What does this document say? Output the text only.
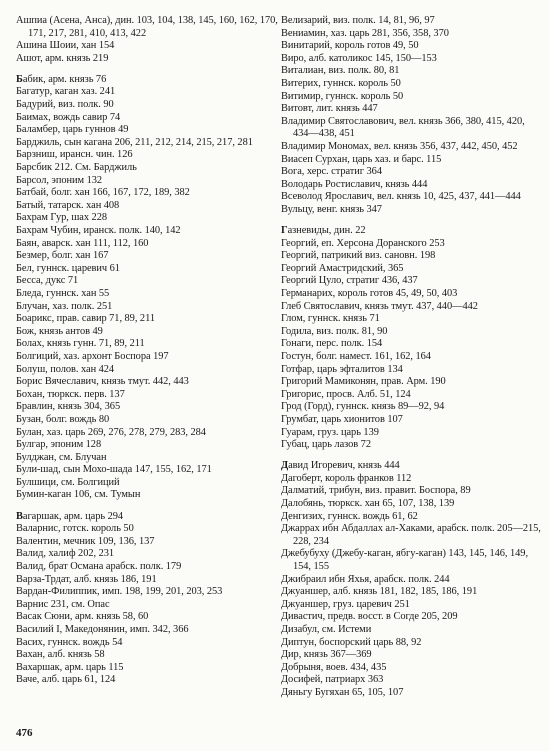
Ашпиа (Асена, Анса), дин. 103, 104, 138, 145, 160, 162, 170, 171, 217, 281, 410, 413, 422
Ашина Шоии, хан 154
Ашот, арм. князь 219
Бабик, арм. князь 76
Багатур, каган хаз. 241
Бадурий, виз. полк. 90
Баимах, вождь савир 74
Баламбер, царь гуннов 49
Барджиль, сын кагана 206, 211, 212, 214, 215, 217, 281
Барзниш, ирансн. чин. 126
Барсбик 212. См. Барджиль
Барсол, эпоним 132
Батбай, болг. хан 166, 167, 172, 189, 382
Батый, татарск. хан 408
Бахрам Гур, шах 228
Бахрам Чубин, иранск. полк. 140, 142
Баян, аварск. хан 111, 112, 160
Безмер, болг. хан 167
Бел, гуннск. царевич 61
Бесса, дукс 71
Бледа, гуннск. хан 55
Блучан, хаз. полк. 251
Боарикс, прав. савир 71, 89, 211
Бож, князь антов 49
Болах, князь гунн. 71, 89, 211
Болгиций, хаз. архонт Боспора 197
Болуш, полов. хан 424
Борис Вячеславич, князь тмут. 442, 443
Боxан, тюркск. перв. 137
Бравлин, князь 304, 365
Бузан, болг. вождь 80
Булан, хаз. царь 269, 276, 278, 279, 283, 284
Булгар, эпоним 128
Булджан, см. Блучан
Були-шад, сын Мохо-шада 147, 155, 162, 171
Булшици, см. Болгиций
Бумин-каган 106, см. Тумын
Вагаршак, арм. царь 294
Валарнис, готск. король 50
Валентин, мечник 109, 136, 137
Валид, халиф 202, 231
Валид, брат Османа арабск. полк. 179
Варза-Трдат, алб. князь 186, 191
Вардан-Филиппик, имп. 198, 199, 201, 203, 253
Варнис 231, см. Опас
Васак Сюни, арм. князь 58, 60
Василий I, Македонянин, имп. 342, 366
Васих, гуннск. вождь 54
Вахан, алб. князь 58
Вахаршак, арм. царь 115
Ваче, алб. царь 61, 124
Велизарий, виз. полк. 14, 81, 96, 97
Вениамин, хаз. царь 281, 356, 358, 370
Винитарий, король готов 49, 50
Виро, алб. католикос 145, 150—153
Виталиан, виз. полк. 80, 81
Витерих, гуннск. король 50
Витимир, гуннск. король 50
Витовт, лит. князь 447
Владимир Святославович, вел. князь 366, 380, 415, 420, 434—438, 451
Владимир Мономах, вел. князь 356, 437, 442, 450, 452
Виасеп Сурхан, царь хаз. и барс. 115
Вога, херс. стратиг 364
Володарь Ростиславич, князь 444
Всеволод Ярославич, вел. князь 10, 425, 437, 441—444
Вульцу, венг. князь 347
Газневиды, дин. 22
Георгий, еп. Херсона Доранского 253
Георгий, патрикий виз. сановн. 198
Георгий Амастридский, 365
Георгий Цуло, стратиг 436, 437
Германарих, король готов 45, 49, 50, 403
Глеб Святославич, князь тмут. 437, 440—442
Глом, гуннск. князь 71
Годила, виз. полк. 81, 90
Гонаги, перс. полк. 154
Гостун, болг. намест. 161, 162, 164
Готфар, царь эфталитов 134
Григорий Мамиконян, прав. Арм. 190
Григорис, просв. Алб. 51, 124
Грод (Горд), гуннск. князь 89—92, 94
Грумбат, царь хионитов 107
Гуарам, груз. царь 139
Губац, царь лазов 72
Давид Игоревич, князь 444
Дагоберт, король франков 112
Далматий, трибун, виз. правит. Боспора, 89
Далобянь, тюркск. хан 65, 107, 138, 139
Денгизих, гуннск. вождь 61, 62
Джаррах ибн Абдаллах ал-Хаками, арабск. полк. 205—215, 228, 234
Джебубуху (Джебу-каган, ябгу-каган) 143, 145, 146, 149, 154, 155
Джибраил ибн Яхья, арабск. полк. 244
Джуаншер, алб. князь 181, 182, 185, 186, 191
Джуаншер, груз. царевич 251
Дивастич, предв. восст. в Согде 205, 209
Дизабул, см. Истеми
Диптун, боспорский царь 88, 92
Дир, князь 367—369
Добрыня, воев. 434, 435
Досифей, патриарх 363
Дяньгу Бугяхан 65, 105, 107
476
